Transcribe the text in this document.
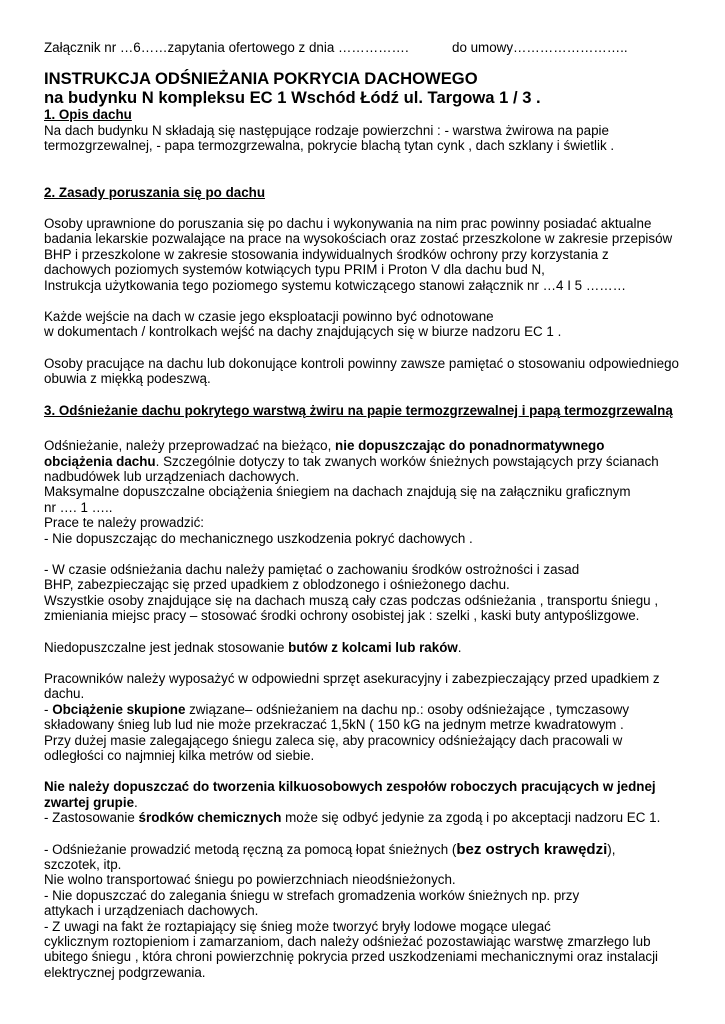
Załącznik nr …6……zapytania ofertowego z dnia …………….	do umowy……………………..
INSTRUKCJA ODŚNIEŻANIA POKRYCIA DACHOWEGO
na budynku N kompleksu EC 1 Wschód Łódź ul. Targowa 1 / 3 .

1. Opis dachu

Na dach budynku N składają się następujące rodzaje powierzchni : - warstwa żwirowa na papie

termozgrzewalnej, - papa termozgrzewalna, pokrycie blachą tytan cynk , dach szklany i świetlik .

2. Zasady poruszania się po dachu

Osoby uprawnione do poruszania się po dachu i wykonywania na nim prac powinny posiadać aktualne

badania lekarskie pozwalające na prace na wysokościach oraz zostać przeszkolone w zakresie przepisów

BHP i przeszkolone w zakresie stosowania indywidualnych środków ochrony przy korzystania z

dachowych poziomych systemów kotwiących typu PRIM i Proton V dla dachu bud N,

Instrukcja użytkowania tego poziomego systemu kotwiczącego stanowi załącznik nr …4 I 5 ………

Każde wejście na dach w czasie jego eksploatacji powinno być odnotowane

w dokumentach / kontrolkach wejść na dachy znajdujących się w biurze nadzoru EC 1 .

Osoby pracujące na dachu lub dokonujące kontroli powinny zawsze pamiętać o stosowaniu odpowiedniego

obuwia z miękką podeszwą.

3. Odśnieżanie dachu pokrytego warstwą żwiru na papie termozgrzewalnej i papą termozgrzewalną

Odśnieżanie, należy przeprowadzać na bieżąco, nie dopuszczając do ponadnormatywnego

obciążenia dachu. Szczególnie dotyczy to tak zwanych worków śnieżnych powstających przy ścianach

nadbudówek lub urządzeniach dachowych.

Maksymalne dopuszczalne obciążenia śniegiem na dachach znajdują się na załączniku graficznym

nr …. 1 …..

Prace te należy prowadzić:

- Nie dopuszczając do mechanicznego uszkodzenia pokryć dachowych .

- W czasie odśnieżania dachu należy pamiętać o zachowaniu środków ostrożności i zasad

BHP, zabezpieczając się przed upadkiem z oblodzonego i ośnieżonego dachu.

Wszystkie osoby znajdujące się na dachach muszą cały czas podczas odśnieżania , transportu śniegu ,

zmieniania miejsc pracy – stosować środki ochrony osobistej jak : szelki , kaski buty antypoślizgowe.

Niedopuszczalne jest jednak stosowanie butów z kolcami lub raków.

Pracowników należy wyposażyć w odpowiedni sprzęt asekuracyjny i zabezpieczający przed upadkiem z

dachu.

- Obciążenie skupione związane– odśnieżaniem na dachu np.: osoby odśnieżające , tymczasowy

składowany śnieg lub lud nie może przekraczać 1,5kN ( 150 kG na jednym metrze kwadratowym .

Przy dużej masie zalegającego śniegu zaleca się, aby pracownicy odśnieżający dach pracowali w

odległości co najmniej kilka metrów od siebie.

Nie należy dopuszczać do tworzenia kilkuosobowych zespołów roboczych pracujących w jednej

zwartej grupie.

- Zastosowanie środków chemicznych może się odbyć jedynie za zgodą i po akceptacji nadzoru EC 1.

- Odśnieżanie prowadzić metodą ręczną za pomocą łopat śnieżnych (bez ostrych krawędzi),

szczotek, itp.

Nie wolno transportować śniegu po powierzchniach nieodśnieżonych.

- Nie dopuszczać do zalegania śniegu w strefach gromadzenia worków śnieżnych np. przy

attykach i urządzeniach dachowych.

- Z uwagi na fakt że roztapiający się śnieg może tworzyć bryły lodowe mogące ulegać

cyklicznym roztopieniom i zamarzaniom, dach należy odśnieżać pozostawiając warstwę zmarzłego lub

ubitego śniegu , która chroni powierzchnię pokrycia przed uszkodzeniami mechanicznymi oraz instalacji

elektrycznej podgrzewania.
